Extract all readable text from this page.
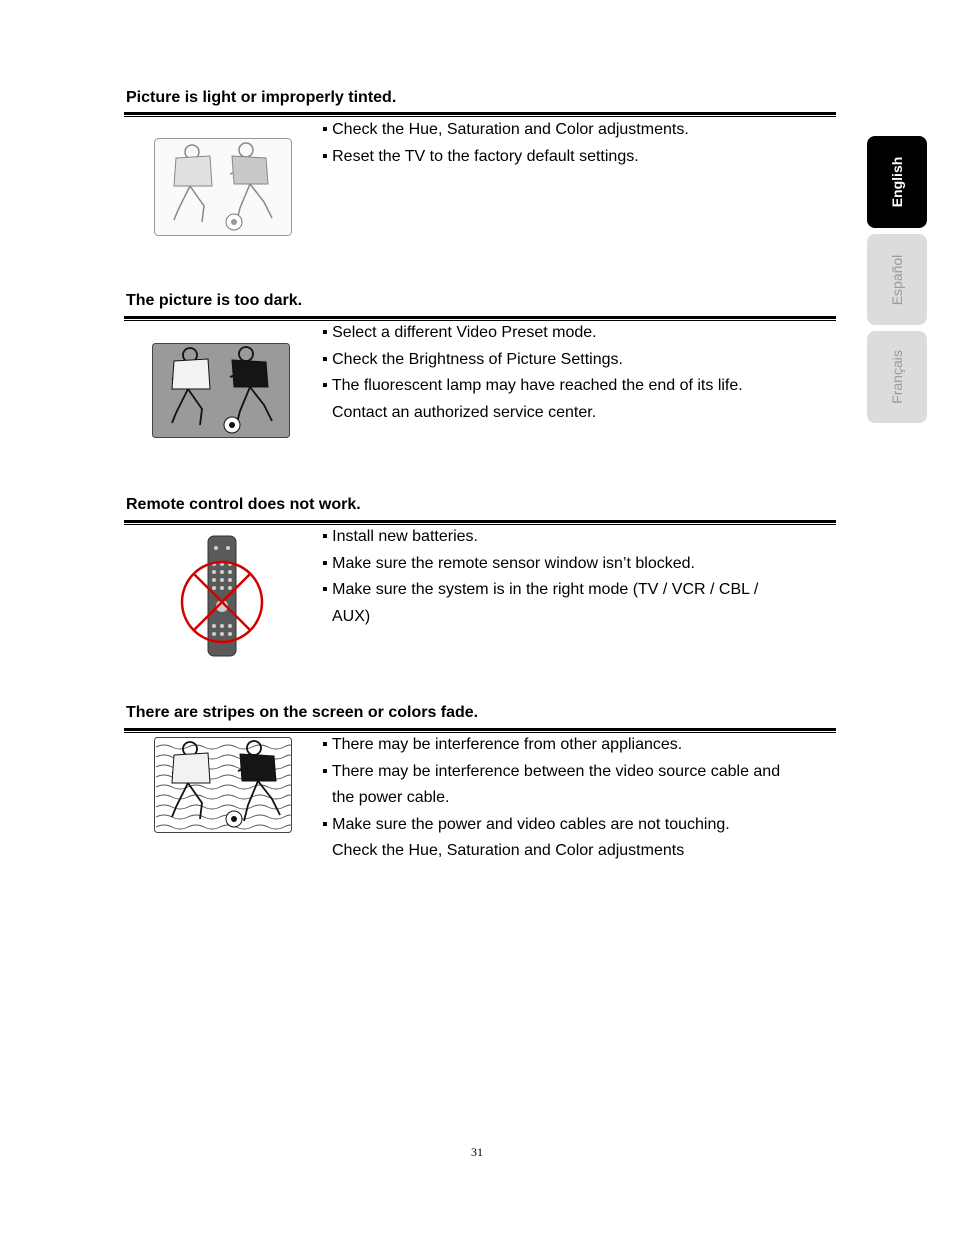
English
Español
Français
Picture is light or improperly tinted.
▪ Check the Hue, Saturation and Color adjustments.
▪ Reset the TV to the factory default settings.
The picture is too dark.
▪ Select a different Video Preset mode.
▪ Check the Brightness of Picture Settings.
▪ The fluorescent lamp may have reached the end of its life.
Contact an authorized service center.
Remote control does not work.
▪ Install new batteries.
▪ Make sure the remote sensor window isn’t blocked.
▪ Make sure the system is in the right mode (TV / VCR / CBL /
AUX)
There are stripes on the screen or colors fade.
▪ There may be interference from other appliances.
▪ There may be interference between the video source cable and
the power cable.
▪ Make sure the power and video cables are not touching.
Check the Hue, Saturation and Color adjustments
31
